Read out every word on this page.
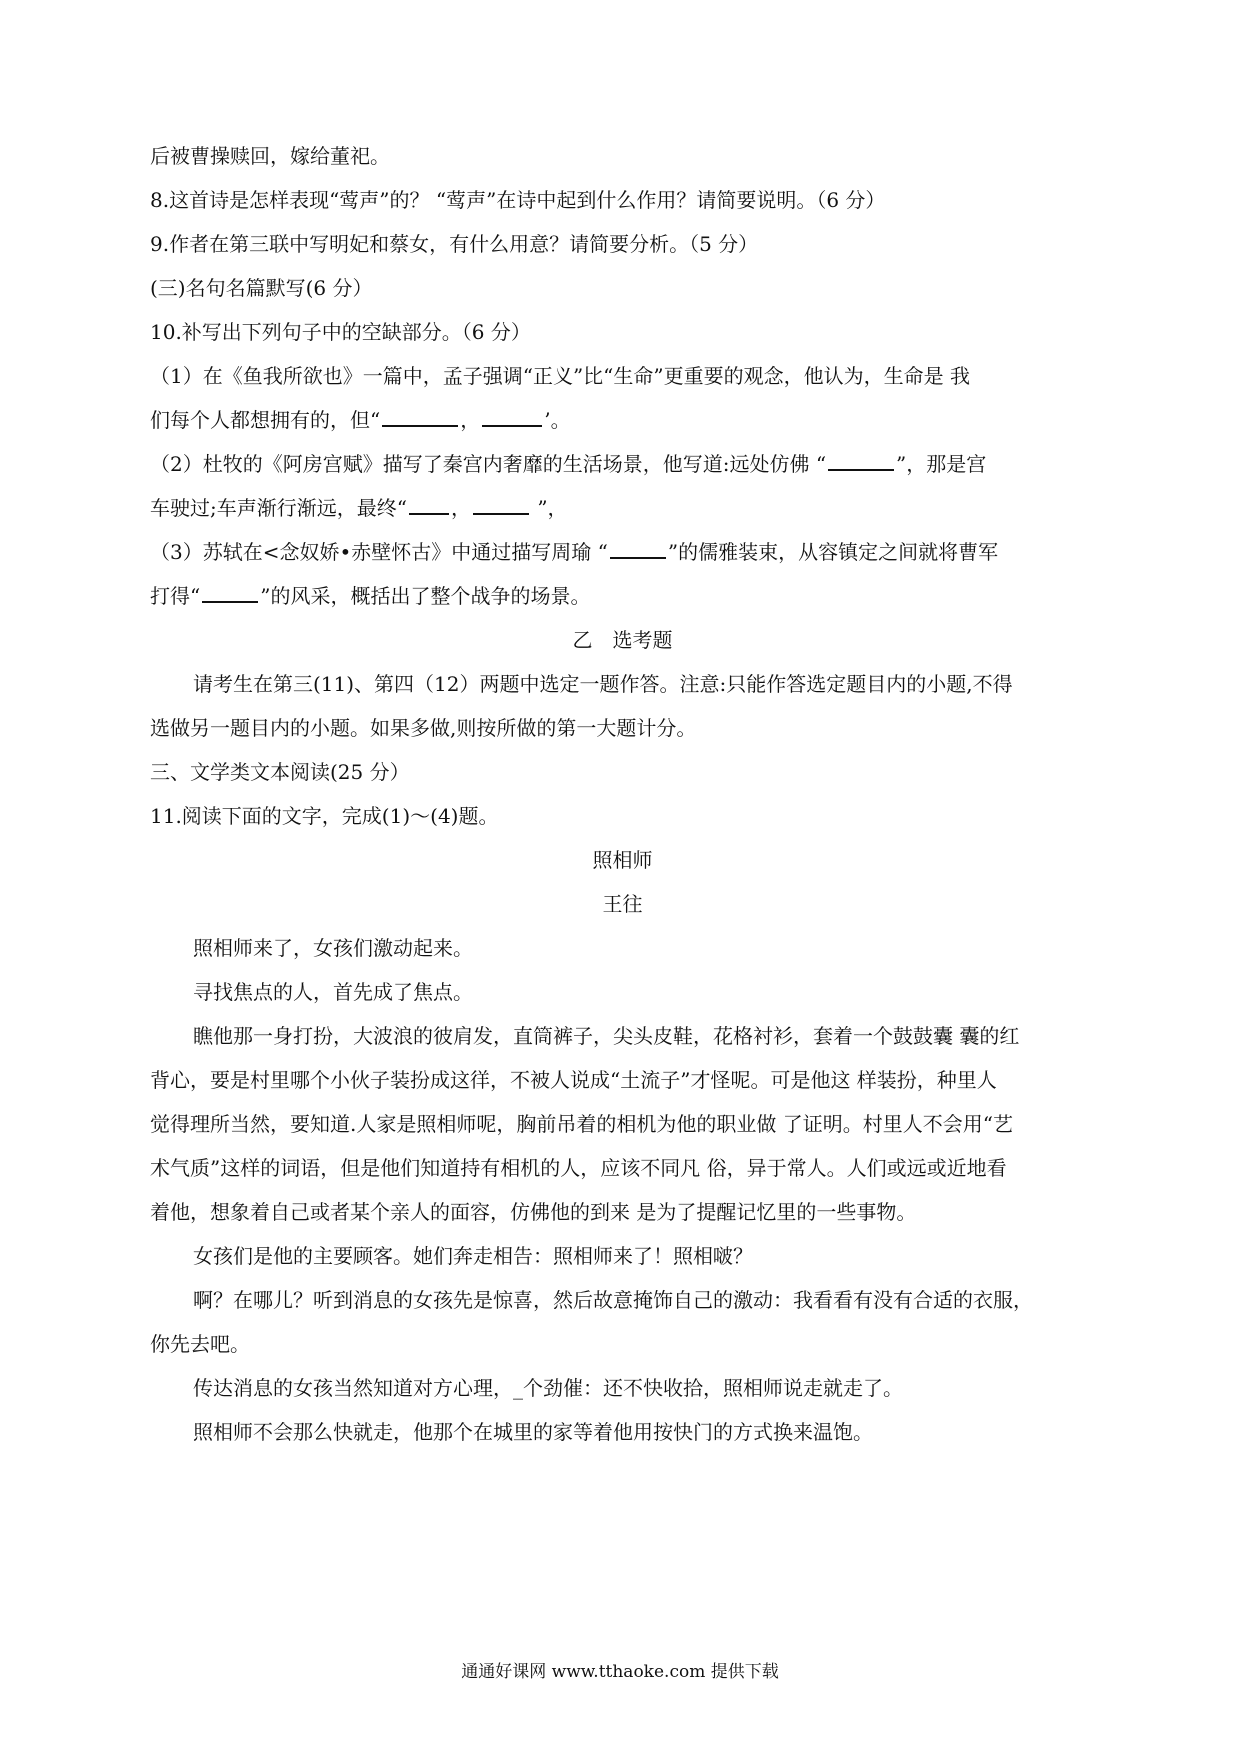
后被曹操赎回，嫁给董祀。
8.这首诗是怎样表现“莺声”的？ “莺声”在诗中起到什么作用？请简要说明。（6 分）
9.作者在第三联中写明妃和蔡女，有什么用意？请简要分析。（5 分）
(三)名句名篇默写(6 分）
10.补写出下列句子中的空缺部分。（6 分）
（1）在《鱼我所欲也》一篇中，孟子强调“正义”比“生命”更重要的观念，他认为，生命是 我
们每个人都想拥有的，但“	，	’。
（2）杜牧的《阿房宫赋》描写了秦宫内奢靡的生活场景，他写道:远处仿佛 “	”，那是宫
车驶过;车声渐行渐远，最终“ ，	”，
（3）苏轼在<念奴娇•赤壁怀古》中通过描写周瑜 “	”的儒雅装束，从容镇定之间就将曹军
打得“	”的风采，概括出了整个战争的场景。
乙　选考题
请考生在第三(11)、第四（12）两题中选定一题作答。注意:只能作答选定题目内的小题,不得
选做另一题目内的小题。如果多做,则按所做的第一大题计分。
三、文学类文本阅读(25 分）
11.阅读下面的文字，完成(1)～(4)题。
照相师
王往
照相师来了，女孩们激动起来。
寻找焦点的人，首先成了焦点。
瞧他那一身打扮，大波浪的彼肩发，直筒裤子，尖头皮鞋，花格衬衫，套着一个鼓鼓囊 囊的红
背心，要是村里哪个小伙子装扮成这徉，不被人说成“土流子”才怪呢。可是他这 样装扮，种里人
觉得理所当然，要知道.人家是照相师呢，胸前吊着的相机为他的职业做 了证明。村里人不会用“艺
术气质”这样的词语，但是他们知道持有相机的人，应该不同凡 俗，异于常人。人们或远或近地看
着他，想象着自己或者某个亲人的面容，仿佛他的到来 是为了提醒记忆里的一些事物。
女孩们是他的主要顾客。她们奔走相告：照相师来了！照相啵？
啊？在哪儿？听到消息的女孩先是惊喜，然后故意掩饰自己的激动：我看看有没有合适的衣服，
你先去吧。
传达消息的女孩当然知道对方心理，_个劲催：还不快收拾，照相师说走就走了。
照相师不会那么快就走，他那个在城里的家等着他用按快门的方式换来温饱。
通通好课网 www.tthaoke.com 提供下载
